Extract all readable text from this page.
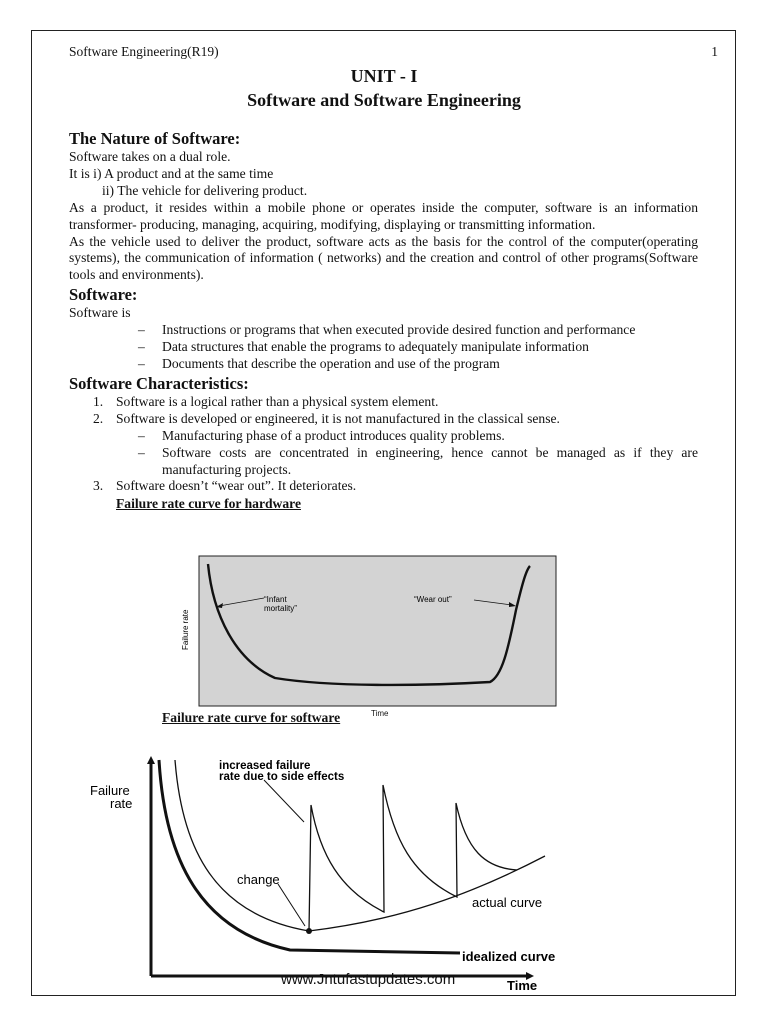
Software Engineering(R19)	1
UNIT - I
Software and Software Engineering
The Nature of Software:
Software takes on a dual role.
It is i) A product and at the same time
ii) The vehicle for delivering product.
As a product, it resides within a mobile phone or operates inside the computer, software is an information transformer- producing, managing, acquiring, modifying, displaying or transmitting information.
As the vehicle used to deliver the product, software acts as the basis for the control of the computer(operating systems), the communication of information ( networks) and the creation and control of other programs(Software tools and environments).
Software:
Software is
– Instructions or programs that when executed provide desired function and performance
– Data structures that enable the programs to adequately manipulate information
– Documents that describe the operation and use of the program
Software Characteristics:
1. Software is a logical rather than a physical system element.
2. Software is developed or engineered, it is not manufactured in the classical sense.
– Manufacturing phase of a product introduces quality problems.
– Software costs are concentrated in engineering, hence cannot be managed as if they are manufacturing projects.
3. Software doesn’t “wear out”. It deteriorates.
Failure rate curve for hardware
“Infant
mortality”
“Wear out”
Failure rate
Failure rate curve for software	Time
increased failure
rate due to side effects
Failure
rate
change
actual curve
idealized curve
Time
www.Jntufastupdates.com
